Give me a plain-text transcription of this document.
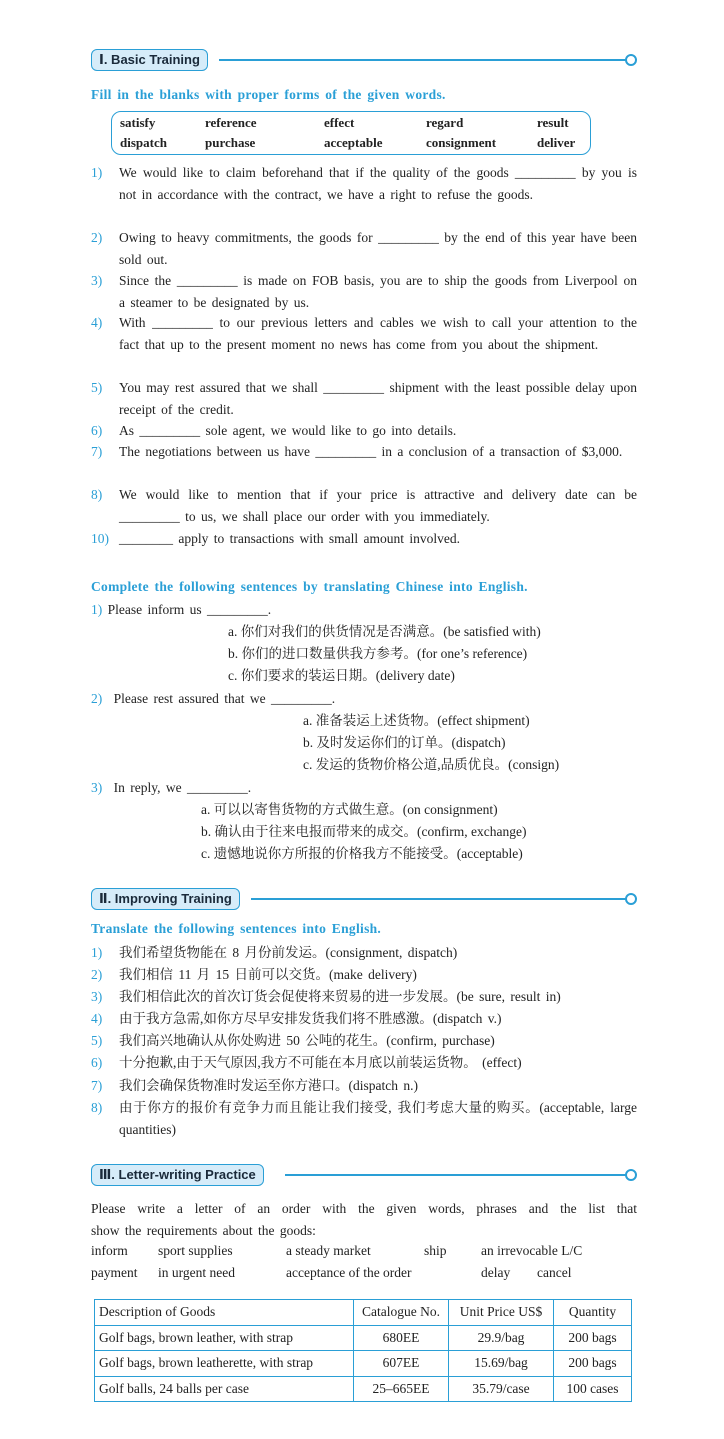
Ⅰ. Basic Training
Fill in the blanks with proper forms of the given words.
satisfy	reference	effect	regard	result
dispatch	purchase	acceptable	consignment	deliver
1)	We would like to claim beforehand that if the quality of the goods _________ by you is not in accordance with the contract, we have a right to refuse the goods.
2)	Owing to heavy commitments, the goods for _________ by the end of this year have been sold out.
3)	Since the _________ is made on FOB basis, you are to ship the goods from Liverpool on a steamer to be designated by us.
4)	With _________ to our previous letters and cables we wish to call your attention to the fact that up to the present moment no news has come from you about the shipment.
5)	You may rest assured that we shall _________ shipment with the least possible delay upon receipt of the credit.
6)	As _________ sole agent, we would like to go into details.
7)	The negotiations between us have _________ in a conclusion of a transaction of $3,000.
8)	We would like to mention that if your price is attractive and delivery date can be _________ to us, we shall place our order with you immediately.
10) ________ apply to transactions with small amount involved.
Complete the following sentences by translating Chinese into English.
1) Please inform us _________.
a. 你们对我们的供货情况是否满意。(be satisfied with)
b. 你们的进口数量供我方参考。(for one’s reference)
c. 你们要求的装运日期。(delivery date)
2) Please rest assured that we _________.
a. 准备装运上述货物。(effect shipment)
b. 及时发运你们的订单。(dispatch)
c. 发运的货物价格公道,品质优良。(consign)
3) In reply, we _________.
a. 可以以寄售货物的方式做生意。(on consignment)
b. 确认由于往来电报而带来的成交。(confirm, exchange)
c. 遗憾地说你方所报的价格我方不能接受。(acceptable)
Ⅱ. Improving Training
Translate the following sentences into English.
1)	我们希望货物能在 8 月份前发运。(consignment, dispatch)
2)	我们相信 11 月 15 日前可以交货。(make delivery)
3)	我们相信此次的首次订货会促使将来贸易的进一步发展。(be sure, result in)
4)	由于我方急需,如你方尽早安排发货我们将不胜感激。(dispatch v.)
5)	我们高兴地确认从你处购进 50 公吨的花生。(confirm, purchase)
6)	十分抱歉,由于天气原因,我方不可能在本月底以前装运货物。 (effect)
7)	我们会确保货物准时发运至你方港口。(dispatch n.)
8)	由于你方的报价有竞争力而且能让我们接受, 我们考虑大量的购买。(acceptable, large quantities)
Ⅲ. Letter-writing Practice
Please write a letter of an order with the given words, phrases and the list that
show the requirements about the goods:
inform sport supplies	a steady market	ship	an irrevocable L/C
payment in urgent need	acceptance of the order	delay cancel
Description of Goods	Catalogue No.	Unit Price US$	Quantity
Golf bags, brown leather, with strap	680EE	29.9/bag	200 bags
Golf bags, brown leatherette, with strap	607EE	15.69/bag	200 bags
Golf balls, 24 balls per case	25–665EE	35.79/case	100 cases
